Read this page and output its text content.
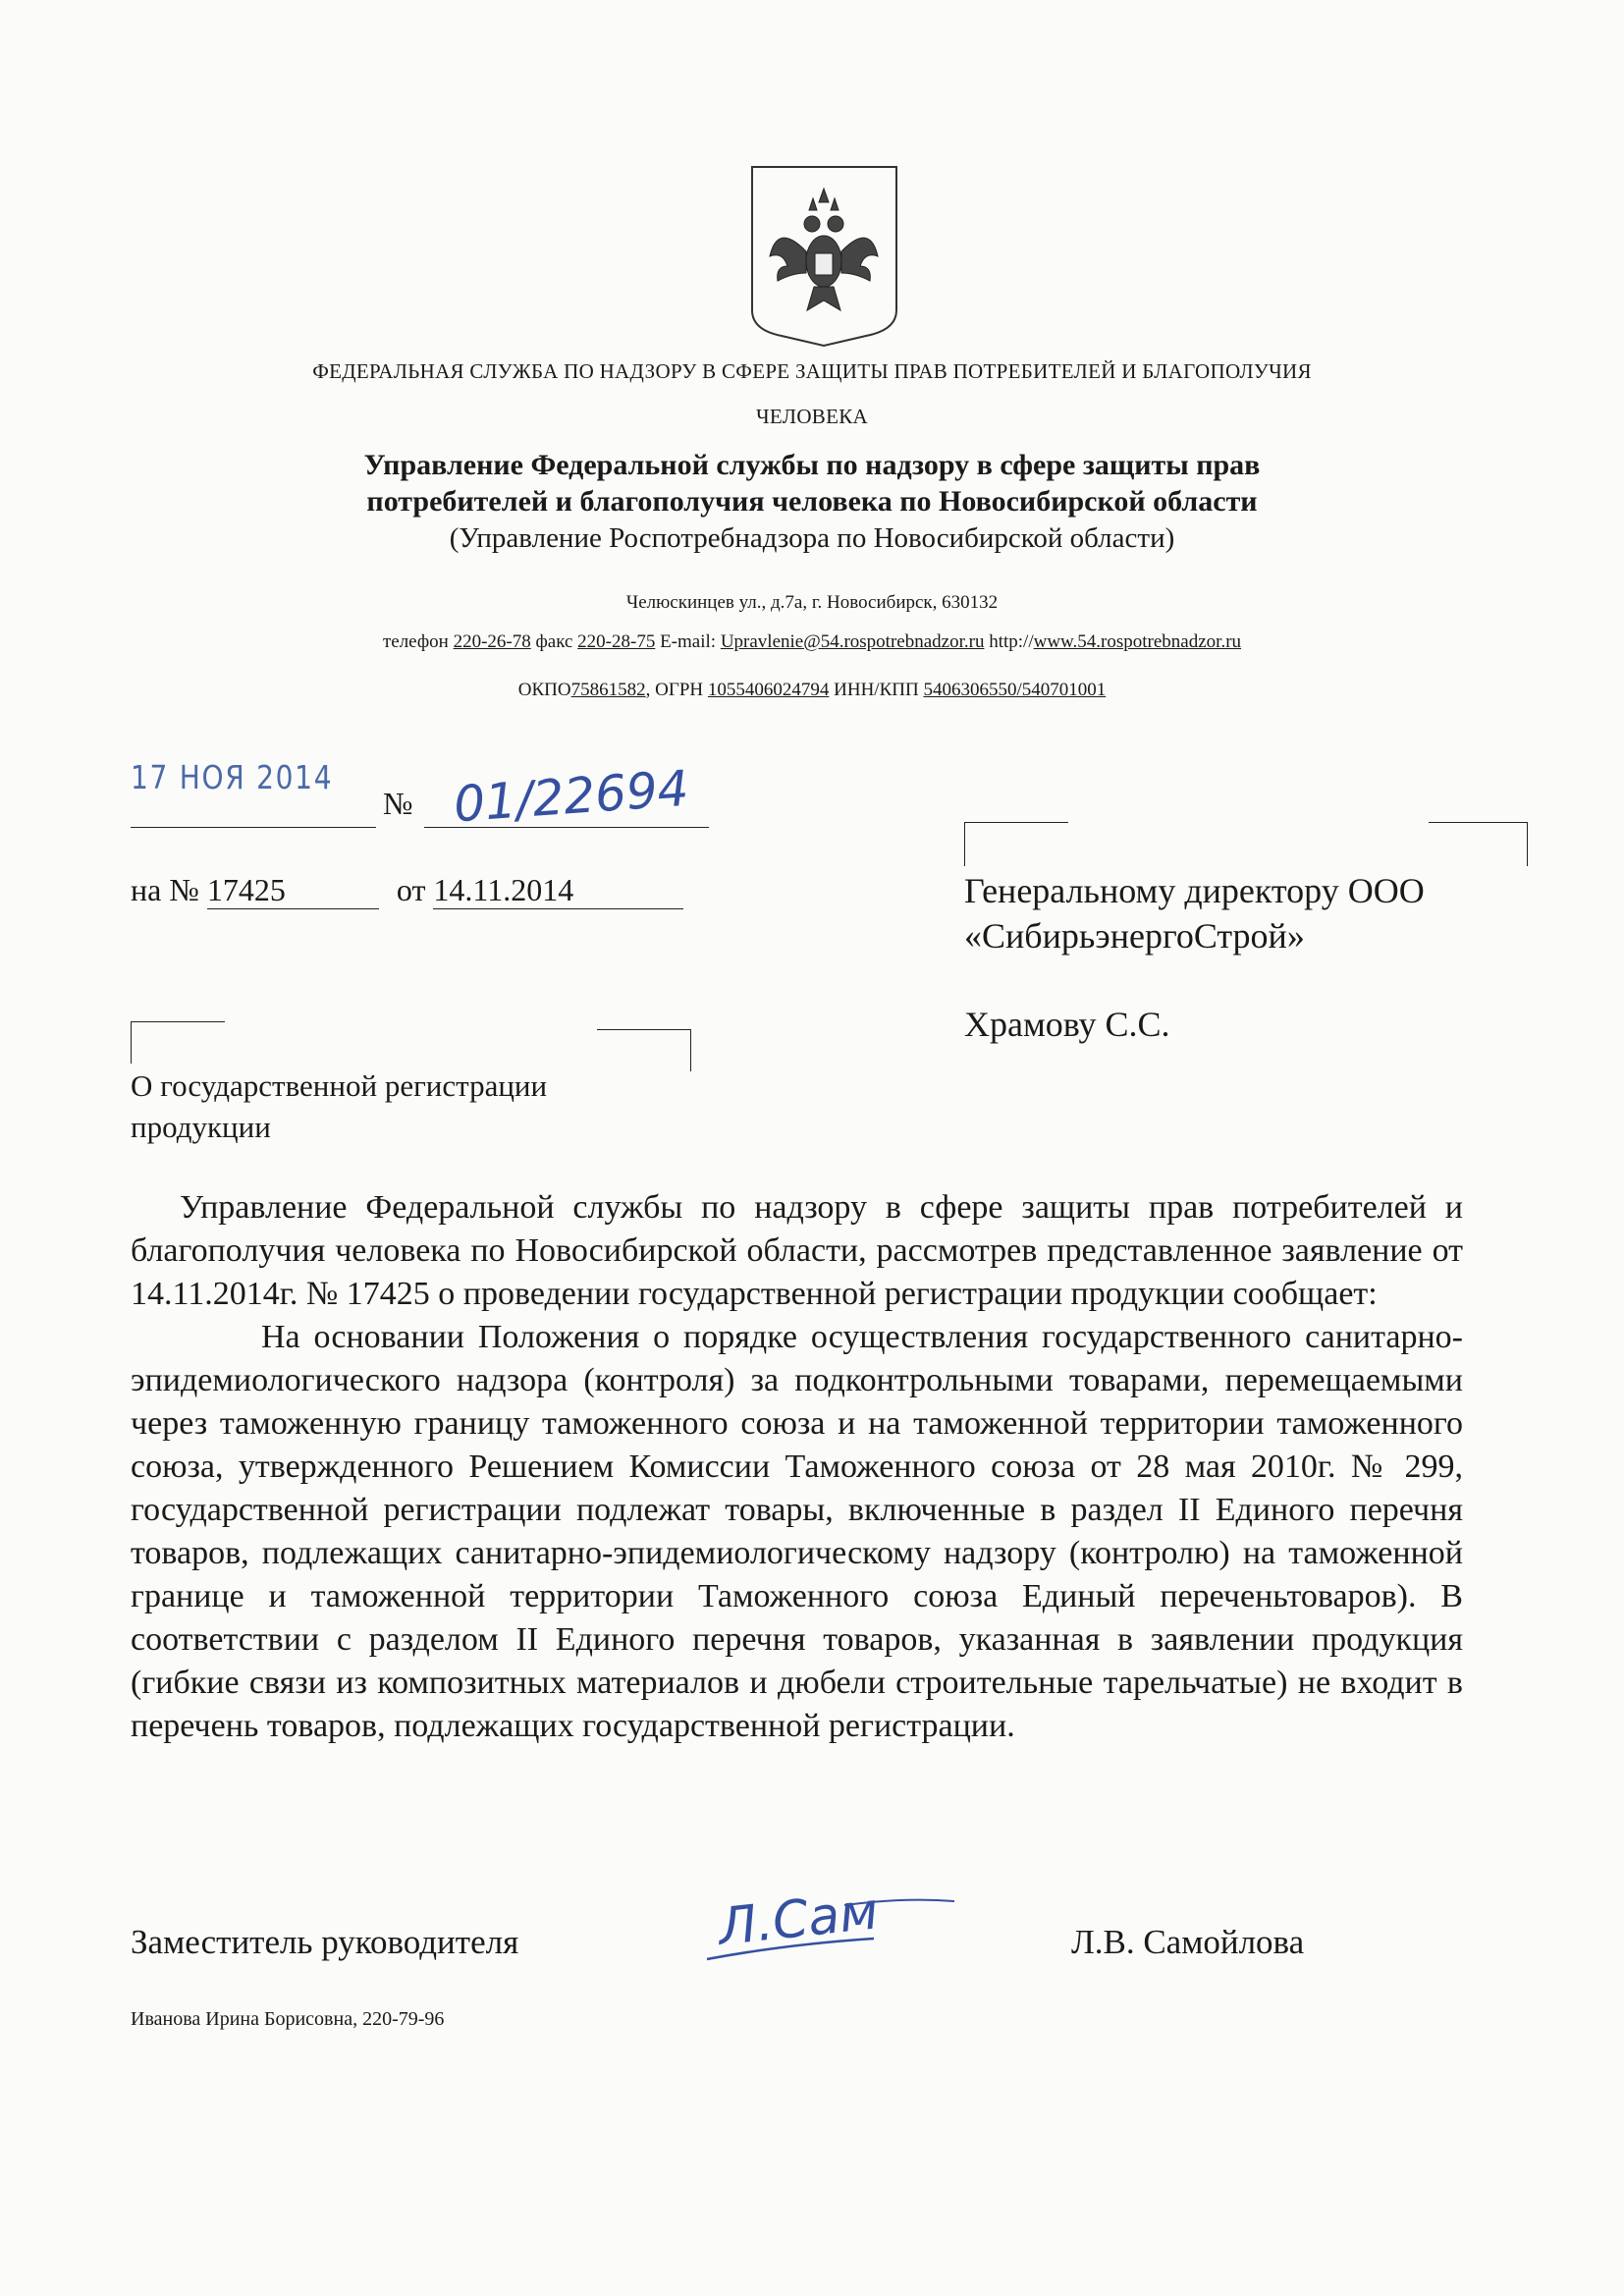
ФЕДЕРАЛЬНАЯ СЛУЖБА ПО НАДЗОРУ В СФЕРЕ ЗАЩИТЫ ПРАВ ПОТРЕБИТЕЛЕЙ И БЛАГОПОЛУЧИЯ
ЧЕЛОВЕКА
Управление Федеральной службы по надзору в сфере защиты прав
потребителей и благополучия человека по Новосибирской области
(Управление Роспотребнадзора по Новосибирской области)
Челюскинцев ул., д.7а, г. Новосибирск, 630132
телефон 220-26-78 факс 220-28-75 E-mail: Upravlenie@54.rospotrebnadzor.ru http://www.54.rospotrebnadzor.ru
ОКПО75861582, ОГРН 1055406024794 ИНН/КПП 5406306550/540701001
17 НОЯ 2014
№ 01/22694
на № 17425	от 14.11.2014	Генеральному директору ООО
«СибирьэнергоСтрой»
Храмову С.С.
О государственной регистрации
продукции

Управление Федеральной службы по надзору в сфере защиты прав потребителей и благополучия человека по Новосибирской области, рассмотрев представленное заявление от 14.11.2014г. № 17425 о проведении государственной регистрации продукции сообщает:

На основании Положения о порядке осуществления государственного санитарно-эпидемиологического надзора (контроля) за подконтрольными товарами, перемещаемыми через таможенную границу таможенного союза и на таможенной территории таможенного союза, утвержденного Решением Комиссии Таможенного союза от 28 мая 2010г. № 299, государственной регистрации подлежат товары, включенные в раздел II Единого перечня товаров, подлежащих санитарно-эпидемиологическому надзору (контролю) на таможенной границе и таможенной территории Таможенного союза Единый переченьтоваров). В соответствии с разделом II Единого перечня товаров, указанная в заявлении продукция (гибкие связи из композитных материалов и дюбели строительные тарельчатые) не входит в перечень товаров, подлежащих государственной регистрации.

Заместитель руководителя	Л.Сам	Л.В. Самойлова
Иванова Ирина Борисовна, 220-79-96
